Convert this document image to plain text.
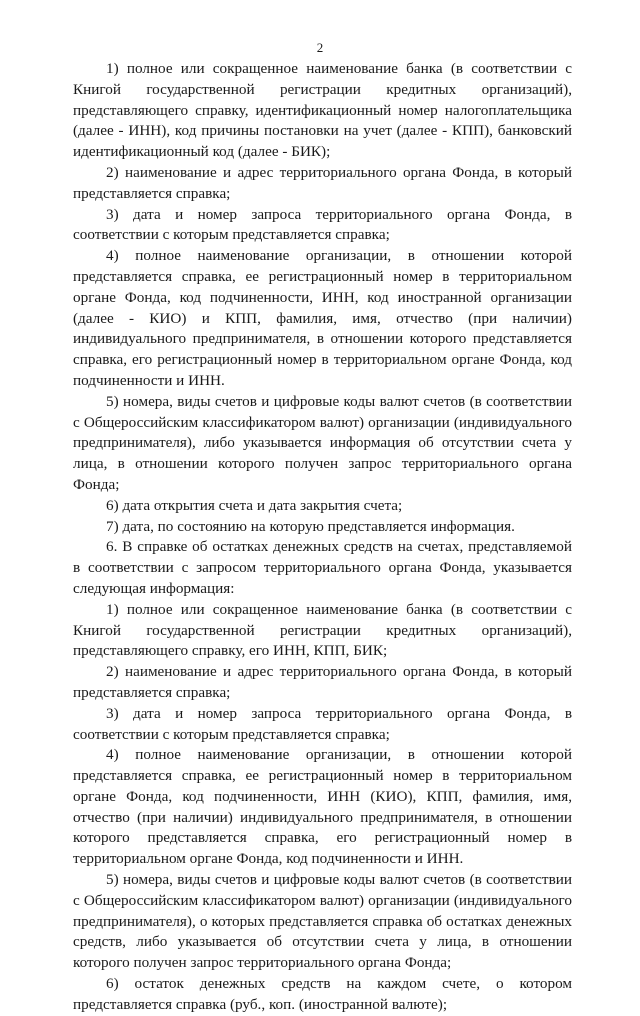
2

1) полное или сокращенное наименование банка (в соответствии с Книгой государственной регистрации кредитных организаций), представляющего справку, идентификационный номер налогоплательщика (далее - ИНН), код причины постановки на учет (далее - КПП), банковский идентификационный код (далее - БИК);

2) наименование и адрес территориального органа Фонда, в который представляется справка;

3) дата и номер запроса территориального органа Фонда, в соответствии с которым представляется справка;

4) полное наименование организации, в отношении которой представляется справка, ее регистрационный номер в территориальном органе Фонда, код подчиненности, ИНН, код иностранной организации (далее - КИО) и КПП, фамилия, имя, отчество (при наличии) индивидуального предпринимателя, в отношении которого представляется справка, его регистрационный номер в территориальном органе Фонда, код подчиненности и ИНН.

5) номера, виды счетов и цифровые коды валют счетов (в соответствии с Общероссийским классификатором валют) организации (индивидуального предпринимателя), либо указывается информация об отсутствии счета у лица, в отношении которого получен запрос территориального органа Фонда;

6) дата открытия счета и дата закрытия счета;

7) дата, по состоянию на которую представляется информация.

6. В справке об остатках денежных средств на счетах, представляемой в соответствии с запросом территориального органа Фонда, указывается следующая информация:

1) полное или сокращенное наименование банка (в соответствии с Книгой государственной регистрации кредитных организаций), представляющего справку, его ИНН, КПП, БИК;

2) наименование и адрес территориального органа Фонда, в который представляется справка;

3) дата и номер запроса территориального органа Фонда, в соответствии с которым представляется справка;

4) полное наименование организации, в отношении которой представляется справка, ее регистрационный номер в территориальном органе Фонда, код подчиненности, ИНН (КИО), КПП, фамилия, имя, отчество (при наличии) индивидуального предпринимателя, в отношении которого представляется справка, его регистрационный номер в территориальном органе Фонда, код подчиненности и ИНН.

5) номера, виды счетов и цифровые коды валют счетов (в соответствии с Общероссийским классификатором валют) организации (индивидуального предпринимателя), о которых представляется справка об остатках денежных средств, либо указывается об отсутствии счета у лица, в отношении которого получен запрос территориального органа Фонда;

6) остаток денежных средств на каждом счете, о котором представляется справка (руб., коп. (иностранной валюте);
